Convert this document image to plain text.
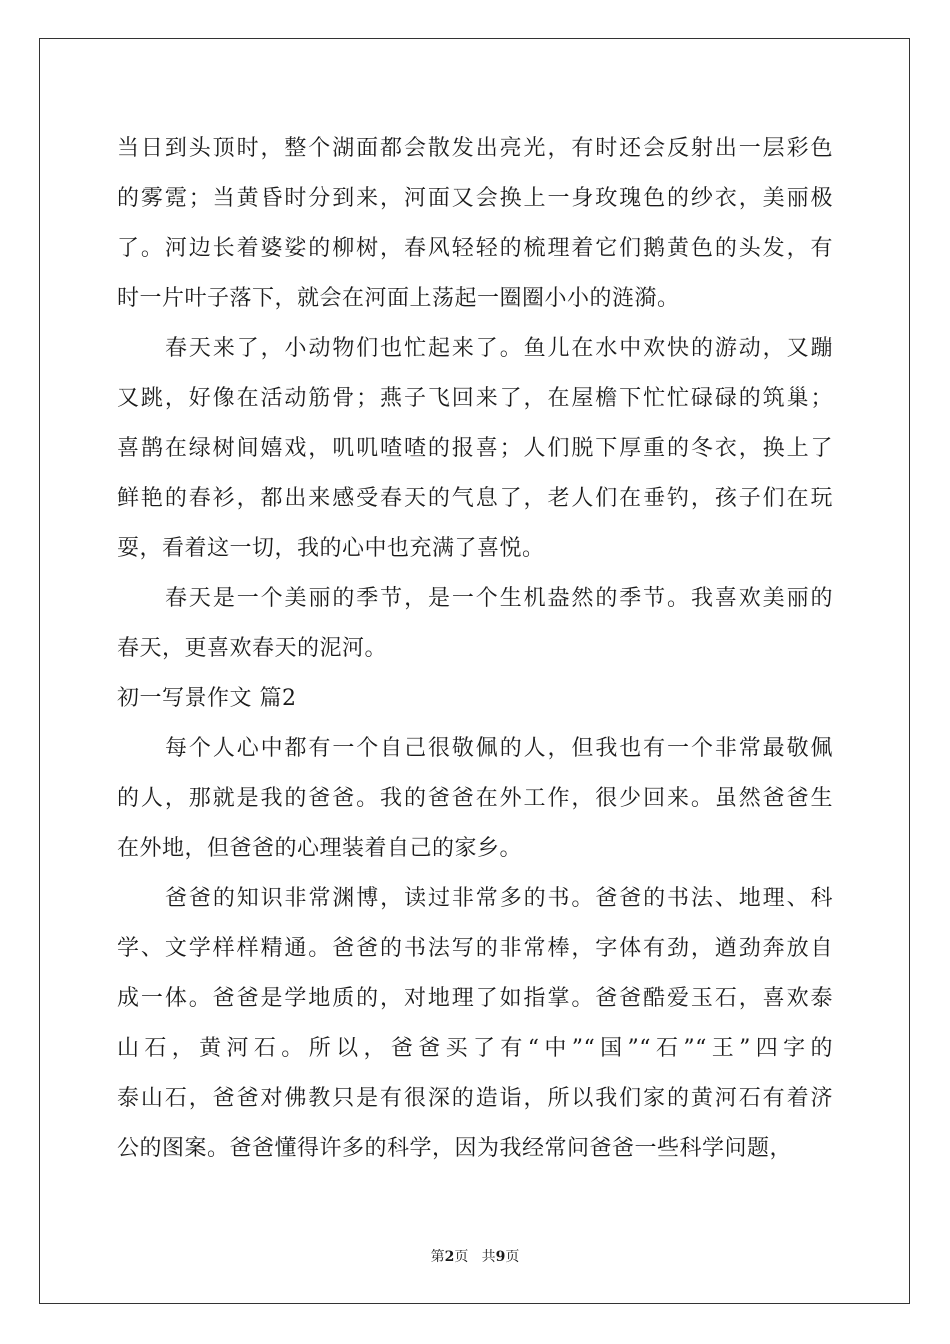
当日到头顶时，整个湖面都会散发出亮光，有时还会反射出一层彩色
的雾霓；当黄昏时分到来，河面又会换上一身玫瑰色的纱衣，美丽极
了。河边长着婆娑的柳树，春风轻轻的梳理着它们鹅黄色的头发，有
时一片叶子落下，就会在河面上荡起一圈圈小小的涟漪。
春天来了，小动物们也忙起来了。鱼儿在水中欢快的游动，又蹦
又跳，好像在活动筋骨；燕子飞回来了，在屋檐下忙忙碌碌的筑巢；
喜鹊在绿树间嬉戏，叽叽喳喳的报喜；人们脱下厚重的冬衣，换上了
鲜艳的春衫，都出来感受春天的气息了，老人们在垂钓，孩子们在玩
耍，看着这一切，我的心中也充满了喜悦。
春天是一个美丽的季节，是一个生机盎然的季节。我喜欢美丽的
春天，更喜欢春天的泥河。
初一写景作文 篇2
每个人心中都有一个自己很敬佩的人，但我也有一个非常最敬佩
的人，那就是我的爸爸。我的爸爸在外工作，很少回来。虽然爸爸生
在外地，但爸爸的心理装着自己的家乡。
爸爸的知识非常渊博，读过非常多的书。爸爸的书法、地理、科
学、文学样样精通。爸爸的书法写的非常棒，字体有劲，遒劲奔放自
成一体。爸爸是学地质的，对地理了如指掌。爸爸酷爱玉石，喜欢泰
山石，黄河石。所以，爸爸买了有“中”“国”“石”“王”四字的
泰山石，爸爸对佛教只是有很深的造诣，所以我们家的黄河石有着济
公的图案。爸爸懂得许多的科学，因为我经常问爸爸一些科学问题，
第2页 共9页
